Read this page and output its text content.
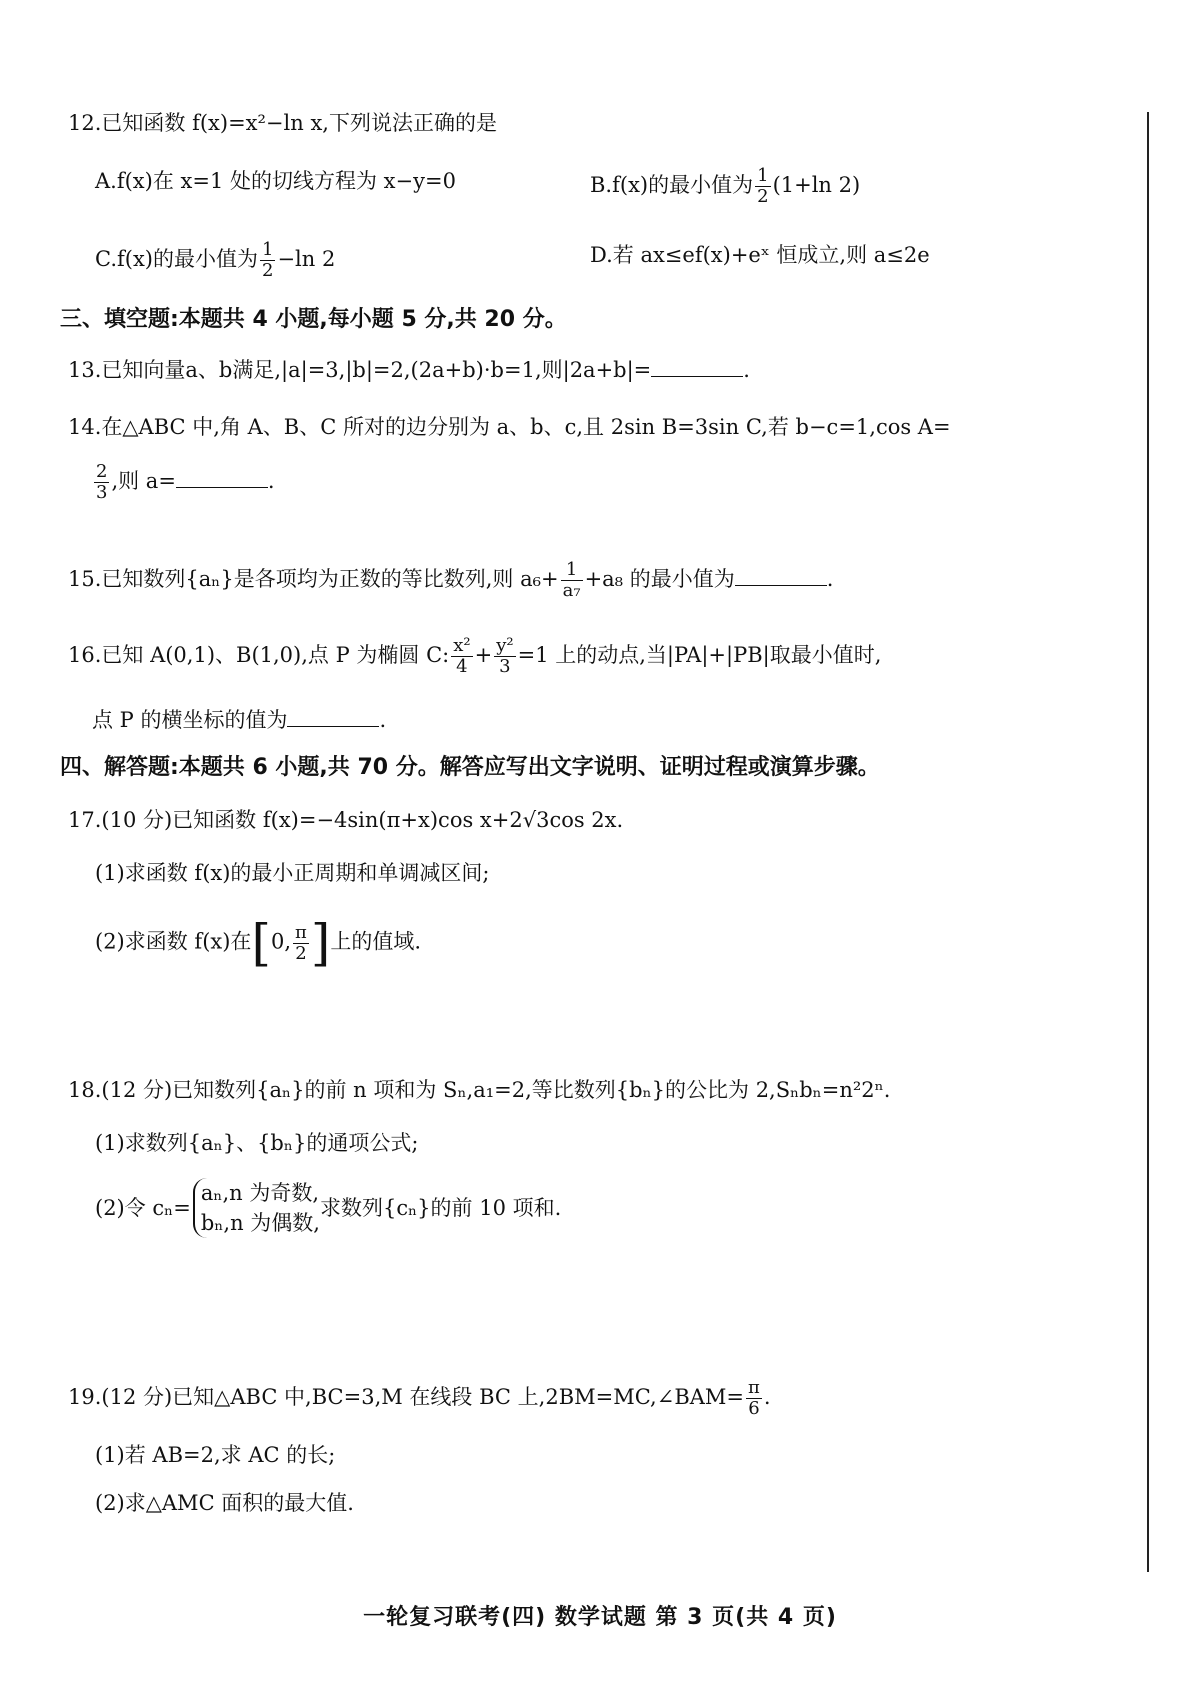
12.已知函数 f(x)=x²−ln x,下列说法正确的是
A.f(x)在 x=1 处的切线方程为 x−y=0	B.f(x)的最小值为 $\frac{1}{2} (1+\ln$ 2)
C.f(x)的最小值为 $\frac{1}{2} -\ln$ 2	D.若 ax≤ef(x)+eˣ 恒成立,则 a≤2e
三、填空题:本题共 4 小题,每小题 5 分,共 20 分。
13.已知向量a、b满足,|a|=3,|b|=2,(2a+b)·b=1,则|2a+b|=	.
14.在△ABC 中,角 A、B、C 所对的边分别为 a、b、c,且 2sin B=3sin C,若 b−c=1,cos A=
$\frac{2}{3}$ ,则 a=	.
15.已知数列{aₙ}是各项均为正数的等比数列,则 $a_6+ \frac{1}{\text{a₇}} +a_8$ 的最小值为	.
16.已知 A(0,1)、B(1,0),点 P 为椭圆 C: $\frac{\text{x²}}{4} + \frac{\text{y²}}{3} =1$ 上的动点,当|PA|+|PB|取最小值时,
点 P 的横坐标的值为	.
四、解答题:本题共 6 小题,共 70 分。解答应写出文字说明、证明过程或演算步骤。
17.(10 分)已知函数 f(x)=−4sin(π+x)cos x+2√3cos 2x.
(1)求函数 f(x)的最小正周期和单调减区间;
(2)求函数 f(x)在[0, $\frac{\pi}{2}$ ]上的值域.
18.(12 分)已知数列{aₙ}的前 n 项和为 Sₙ,a₁=2,等比数列{bₙ}的公比为 2,Sₙbₙ=n²2ⁿ.
(1)求数列{aₙ}、{bₙ}的通项公式;
(2)令 cₙ=
aₙ,n 为奇数,
bₙ,n 为偶数,
求数列{cₙ}的前 10 项和.
19.(12 分)已知△ABC 中,BC=3,M 在线段 BC 上,2BM=MC,∠BAM= $\frac{\pi}{6}$ .
(1)若 AB=2,求 AC 的长;
(2)求△AMC 面积的最大值.
一轮复习联考(四) 数学试题 第 3 页(共 4 页)
